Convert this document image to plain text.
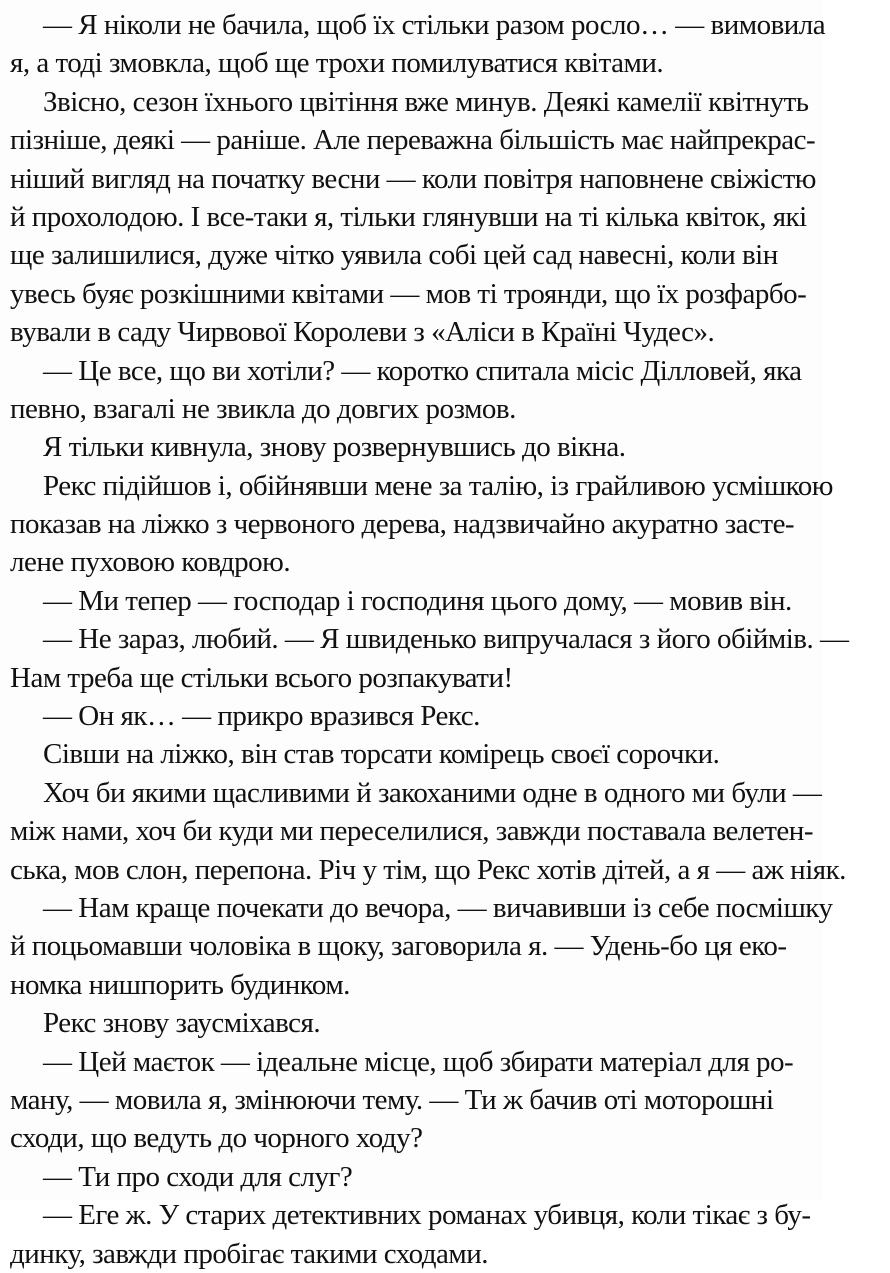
— Я ніколи не бачила, щоб їх стільки разом росло… — вимовила
я, а тоді змовкла, щоб ще трохи помилуватися квітами.
Звісно, сезон їхнього цвітіння вже минув. Деякі камелії квітнуть
пізніше, деякі — раніше. Але переважна більшість має найпрекрас-
ніший вигляд на початку весни — коли повітря наповнене свіжістю
й прохолодою. І все-таки я, тільки глянувши на ті кілька квіток, які
ще залишилися, дуже чітко уявила собі цей сад навесні, коли він
увесь буяє розкішними квітами — мов ті троянди, що їх розфарбо-
вували в саду Чирвової Королеви з «Аліси в Країні Чудес».
— Це все, що ви хотіли? — коротко спитала місіс Ділловей, яка
певно, взагалі не звикла до довгих розмов.
Я тільки кивнула, знову розвернувшись до вікна.
Рекс підійшов і, обійнявши мене за талію, із грайливою усмішкою
показав на ліжко з червоного дерева, надзвичайно акуратно засте-
лене пуховою ковдрою.
— Ми тепер — господар і господиня цього дому, — мовив він.
— Не зараз, любий. — Я швиденько випручалася з його обіймів. —
Нам треба ще стільки всього розпакувати!
— Он як… — прикро вразився Рекс.
Сівши на ліжко, він став торсати комірець своєї сорочки.
Хоч би якими щасливими й закоханими одне в одного ми були —
між нами, хоч би куди ми переселилися, завжди поставала велетен-
ська, мов слон, перепона. Річ у тім, що Рекс хотів дітей, а я — аж ніяк.
— Нам краще почекати до вечора, — вичавивши із себе посмішку
й поцьомавши чоловіка в щоку, заговорила я. — Удень-бо ця еко-
номка нишпорить будинком.
Рекс знову заусміхався.
— Цей маєток — ідеальне місце, щоб збирати матеріал для ро-
ману, — мовила я, змінюючи тему. — Ти ж бачив оті моторошні
сходи, що ведуть до чорного ходу?
— Ти про сходи для слуг?
— Еге ж. У старих детективних романах убивця, коли тікає з бу-
динку, завжди пробігає такими сходами.
